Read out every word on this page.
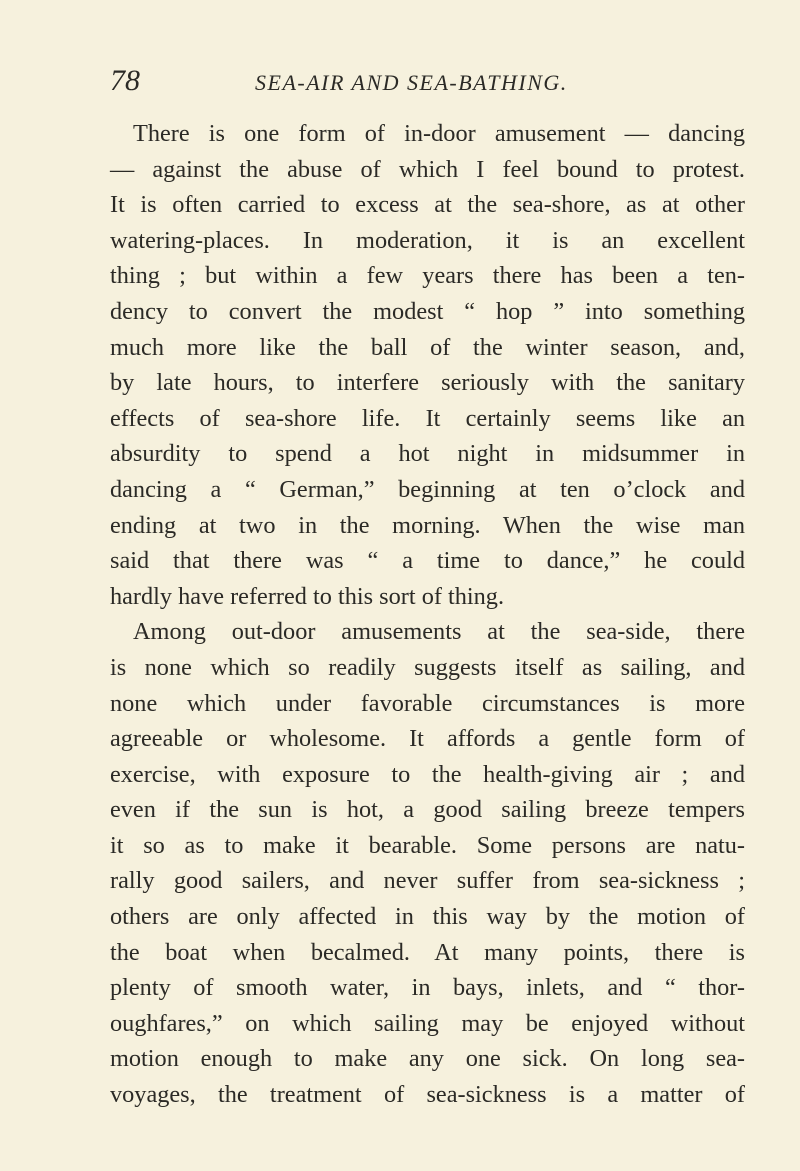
78	SEA-AIR AND SEA-BATHING.
There is one form of in-door amusement — dancing
— against the abuse of which I feel bound to protest.
It is often carried to excess at the sea-shore, as at other
watering-places. In moderation, it is an excellent
thing ; but within a few years there has been a ten-
dency to convert the modest “ hop ” into something
much more like the ball of the winter season, and,
by late hours, to interfere seriously with the sanitary
effects of sea-shore life. It certainly seems like an
absurdity to spend a hot night in midsummer in
dancing a “ German,” beginning at ten o’clock and
ending at two in the morning. When the wise man
said that there was “ a time to dance,” he could
hardly have referred to this sort of thing.
Among out-door amusements at the sea-side, there
is none which so readily suggests itself as sailing, and
none which under favorable circumstances is more
agreeable or wholesome. It affords a gentle form of
exercise, with exposure to the health-giving air ; and
even if the sun is hot, a good sailing breeze tempers
it so as to make it bearable. Some persons are natu-
rally good sailers, and never suffer from sea-sickness ;
others are only affected in this way by the motion of
the boat when becalmed. At many points, there is
plenty of smooth water, in bays, inlets, and “ thor-
oughfares,” on which sailing may be enjoyed without
motion enough to make any one sick. On long sea-
voyages, the treatment of sea-sickness is a matter of
